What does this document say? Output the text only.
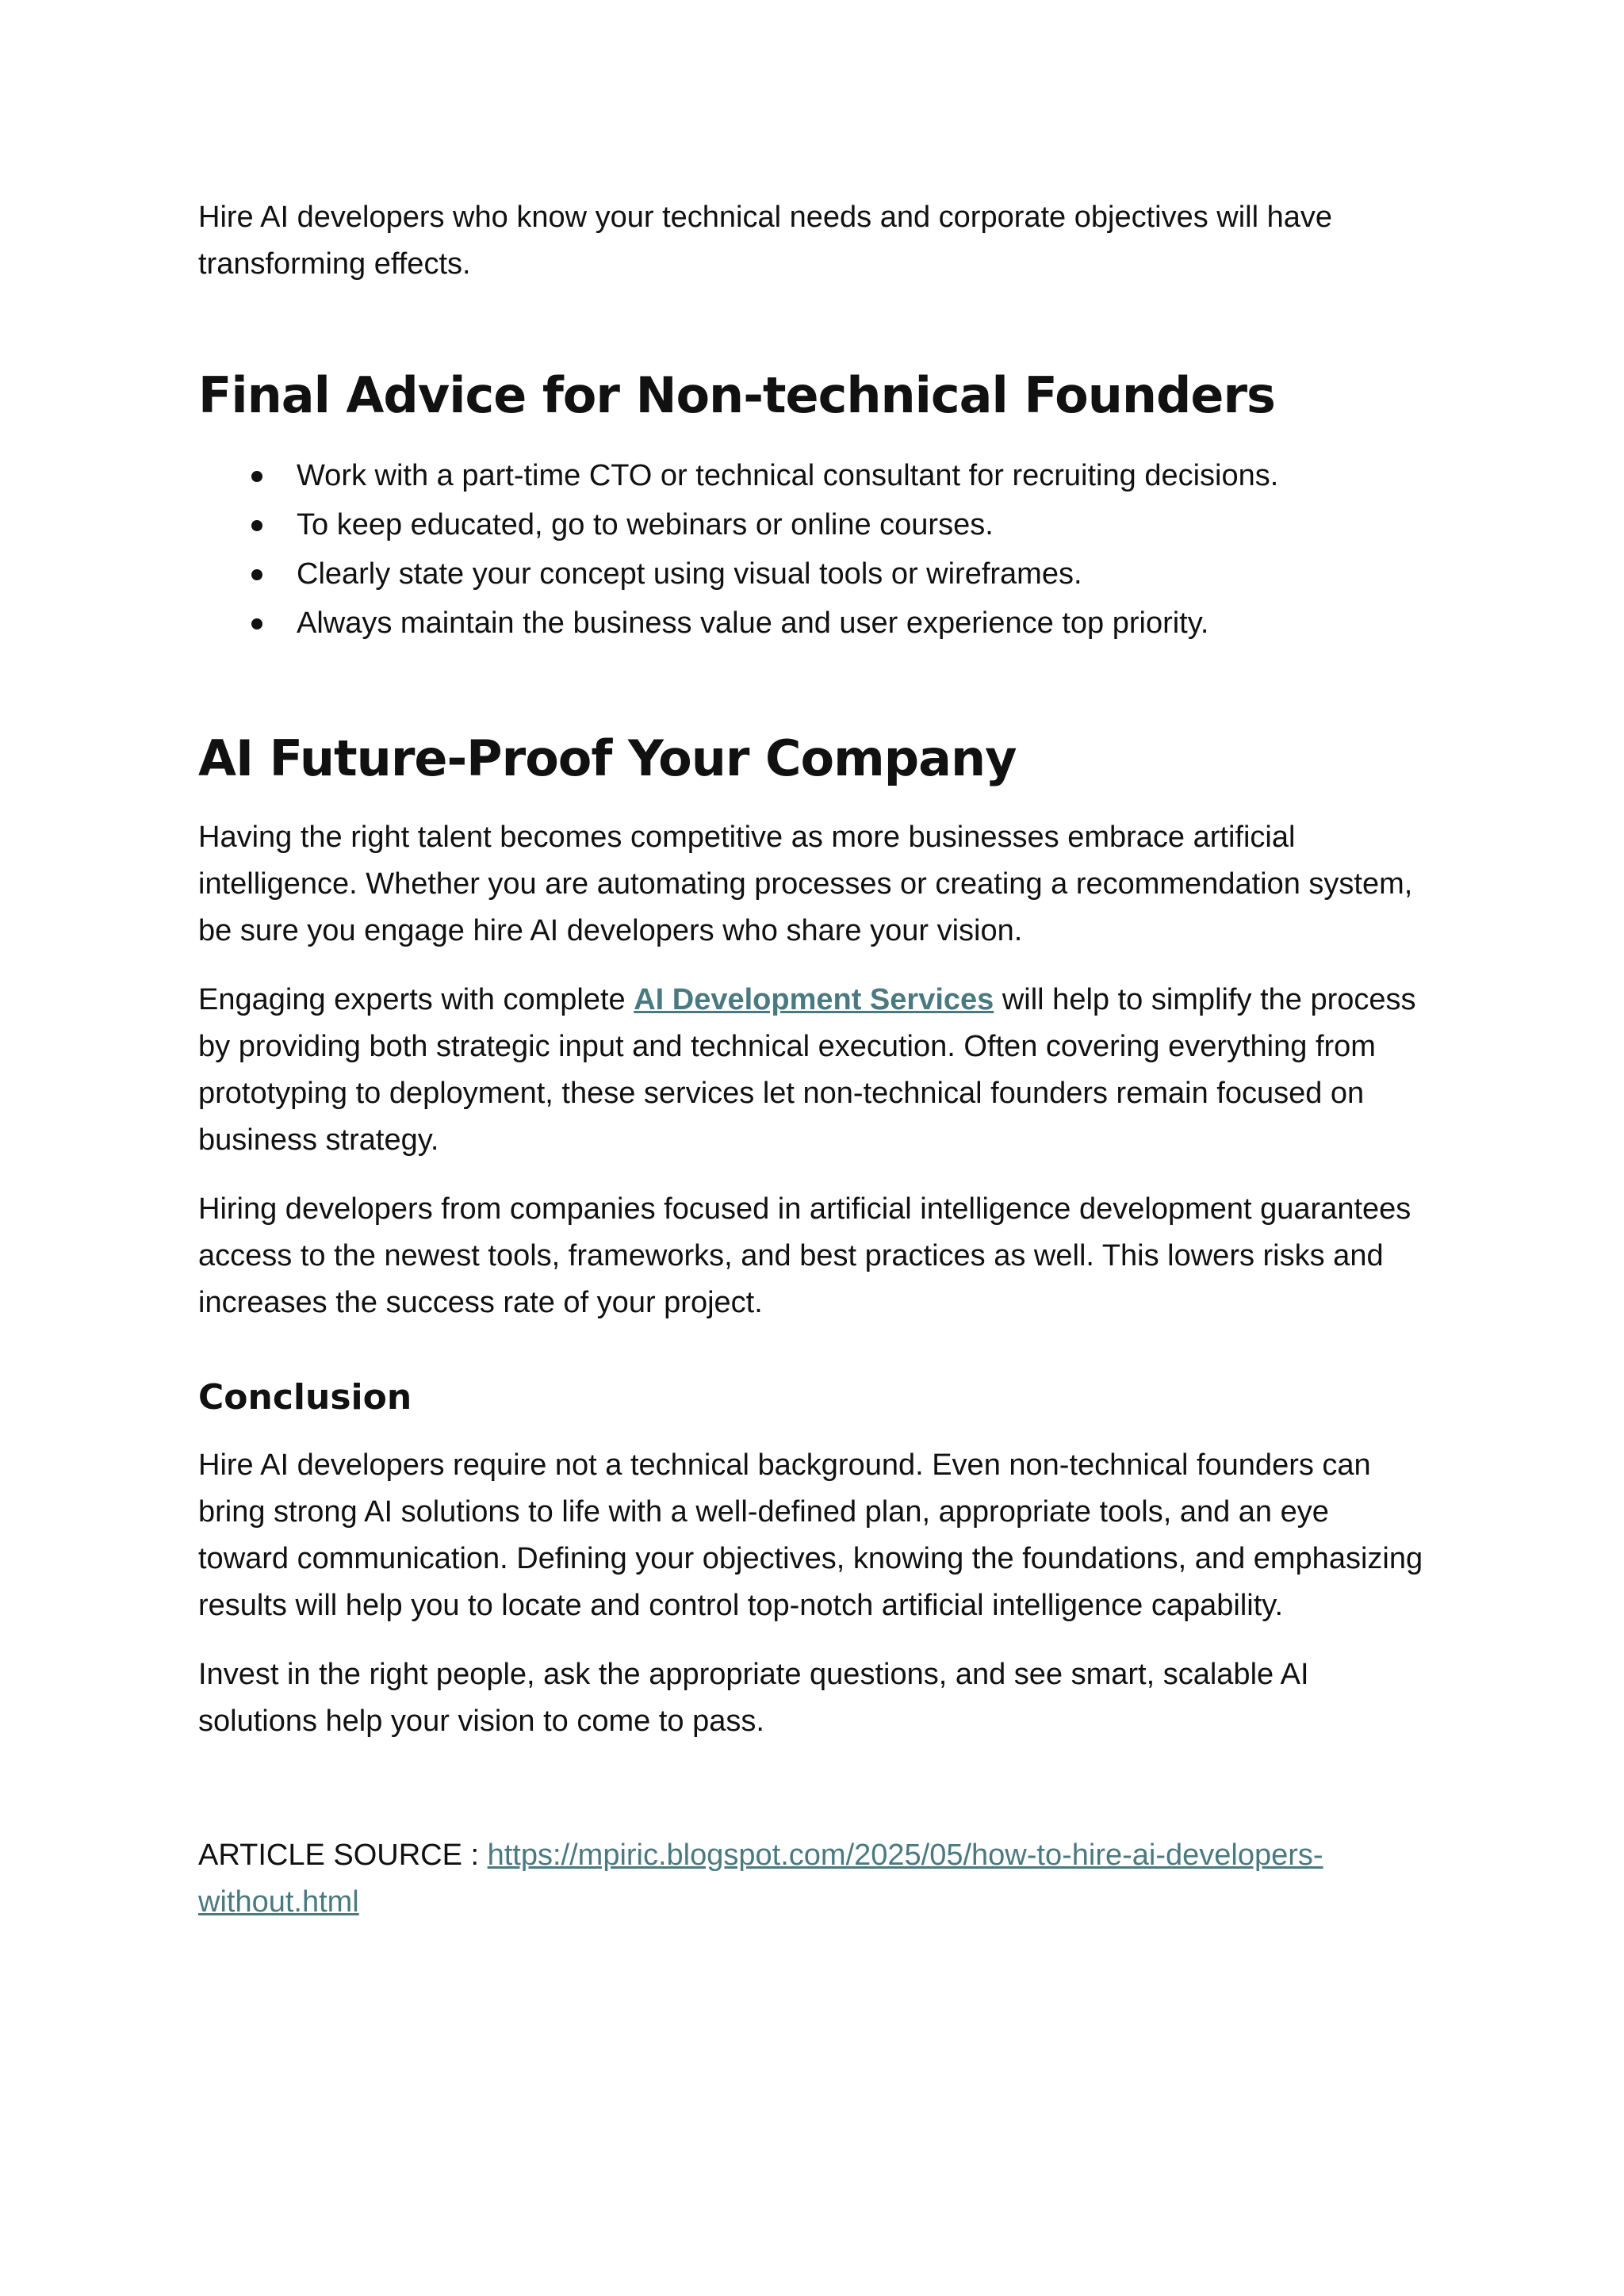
Hire AI developers who know your technical needs and corporate objectives will have transforming effects.

Final Advice for Non-technical Founders
Work with a part-time CTO or technical consultant for recruiting decisions.
To keep educated, go to webinars or online courses.
Clearly state your concept using visual tools or wireframes.
Always maintain the business value and user experience top priority.
AI Future-Proof Your Company

Having the right talent becomes competitive as more businesses embrace artificial intelligence. Whether you are automating processes or creating a recommendation system, be sure you engage hire AI developers who share your vision.

Engaging experts with complete AI Development Services will help to simplify the process by providing both strategic input and technical execution. Often covering everything from prototyping to deployment, these services let non-technical founders remain focused on business strategy.

Hiring developers from companies focused in artificial intelligence development guarantees access to the newest tools, frameworks, and best practices as well. This lowers risks and increases the success rate of your project.

Conclusion

Hire AI developers require not a technical background. Even non-technical founders can bring strong AI solutions to life with a well-defined plan, appropriate tools, and an eye toward communication. Defining your objectives, knowing the foundations, and emphasizing results will help you to locate and control top-notch artificial intelligence capability.

Invest in the right people, ask the appropriate questions, and see smart, scalable AI solutions help your vision to come to pass.

ARTICLE SOURCE : https://mpiric.blogspot.com/2025/05/how-to-hire-ai-developers-
without.html
